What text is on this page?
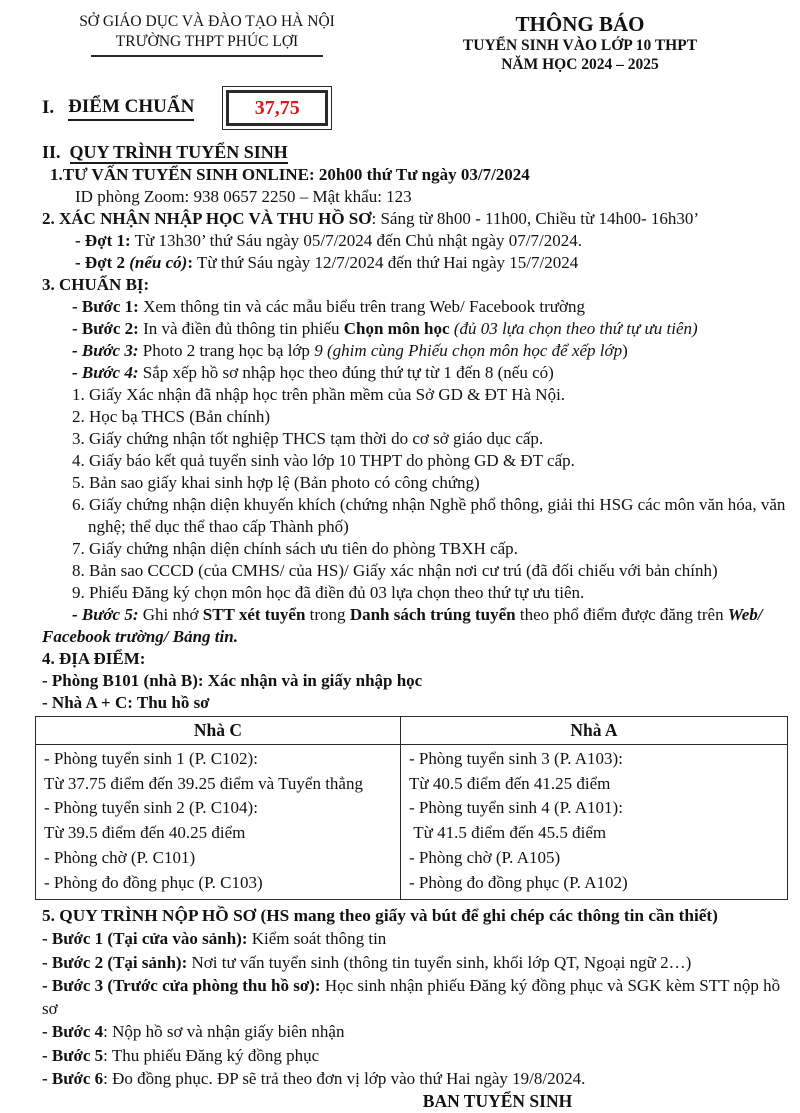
SỞ GIÁO DỤC VÀ ĐÀO TẠO HÀ NỘI
TRƯỜNG THPT PHÚC LỢI
THÔNG BÁO
TUYỂN SINH VÀO LỚP 10 THPT
NĂM HỌC 2024 – 2025
I. ĐIỂM CHUẨN	37,75
II. QUY TRÌNH TUYỂN SINH
1.TƯ VẤN TUYỂN SINH ONLINE: 20h00 thứ Tư ngày 03/7/2024
ID phòng Zoom: 938 0657 2250 – Mật khẩu: 123
2. XÁC NHẬN NHẬP HỌC VÀ THU HỒ SƠ: Sáng từ 8h00 - 11h00, Chiều từ 14h00- 16h30’
- Đợt 1: Từ 13h30’ thứ Sáu ngày 05/7/2024 đến Chủ nhật ngày 07/7/2024.
- Đợt 2 (nếu có): Từ thứ Sáu ngày 12/7/2024 đến thứ Hai ngày 15/7/2024
3. CHUẨN BỊ:
- Bước 1: Xem thông tin và các mẫu biểu trên trang Web/ Facebook trường
- Bước 2: In và điền đủ thông tin phiếu Chọn môn học (đủ 03 lựa chọn theo thứ tự ưu tiên)
- Bước 3: Photo 2 trang học bạ lớp 9 (ghim cùng Phiếu chọn môn học để xếp lớp)
- Bước 4: Sắp xếp hồ sơ nhập học theo đúng thứ tự từ 1 đến 8 (nếu có)
1. Giấy Xác nhận đã nhập học trên phần mềm của Sở GD & ĐT Hà Nội.
2. Học bạ THCS (Bản chính)
3. Giấy chứng nhận tốt nghiệp THCS tạm thời do cơ sở giáo dục cấp.
4. Giấy báo kết quả tuyển sinh vào lớp 10 THPT do phòng GD & ĐT cấp.
5. Bản sao giấy khai sinh hợp lệ (Bản photo có công chứng)
6. Giấy chứng nhận diện khuyến khích (chứng nhận Nghề phổ thông, giải thi HSG các môn văn hóa, văn nghệ; thể dục thể thao cấp Thành phố)
7. Giấy chứng nhận diện chính sách ưu tiên do phòng TBXH cấp.
8. Bản sao CCCD (của CMHS/ của HS)/ Giấy xác nhận nơi cư trú (đã đối chiếu với bản chính)
9. Phiếu Đăng ký chọn môn học đã điền đủ 03 lựa chọn theo thứ tự ưu tiên.
- Bước 5: Ghi nhớ STT xét tuyển trong Danh sách trúng tuyển theo phổ điểm được đăng trên Web/ Facebook trường/ Bảng tin.
4. ĐỊA ĐIỂM:
- Phòng B101 (nhà B): Xác nhận và in giấy nhập học
- Nhà A + C: Thu hồ sơ
Nhà C	Nhà A

- Phòng tuyển sinh 1 (P. C102):
Từ 37.75 điểm đến 39.25 điểm và Tuyển thẳng
- Phòng tuyển sinh 2 (P. C104):
Từ 39.5 điểm đến 40.25 điểm
- Phòng chờ (P. C101)
- Phòng đo đồng phục (P. C103)

- Phòng tuyển sinh 3 (P. A103):
Từ 40.5 điểm đến 41.25 điểm
- Phòng tuyển sinh 4 (P. A101):
Từ 41.5 điểm đến 45.5 điểm
- Phòng chờ (P. A105)
- Phòng đo đồng phục (P. A102)
5. QUY TRÌNH NỘP HỒ SƠ (HS mang theo giấy và bút để ghi chép các thông tin cần thiết)
- Bước 1 (Tại cửa vào sảnh): Kiểm soát thông tin
- Bước 2 (Tại sảnh): Nơi tư vấn tuyển sinh (thông tin tuyển sinh, khối lớp QT, Ngoại ngữ 2…)
- Bước 3 (Trước cửa phòng thu hồ sơ): Học sinh nhận phiếu Đăng ký đồng phục và SGK kèm STT nộp hồ sơ
- Bước 4: Nộp hồ sơ và nhận giấy biên nhận
- Bước 5: Thu phiếu Đăng ký đồng phục
- Bước 6: Đo đồng phục. ĐP sẽ trả theo đơn vị lớp vào thứ Hai ngày 19/8/2024.
BAN TUYỂN SINH
